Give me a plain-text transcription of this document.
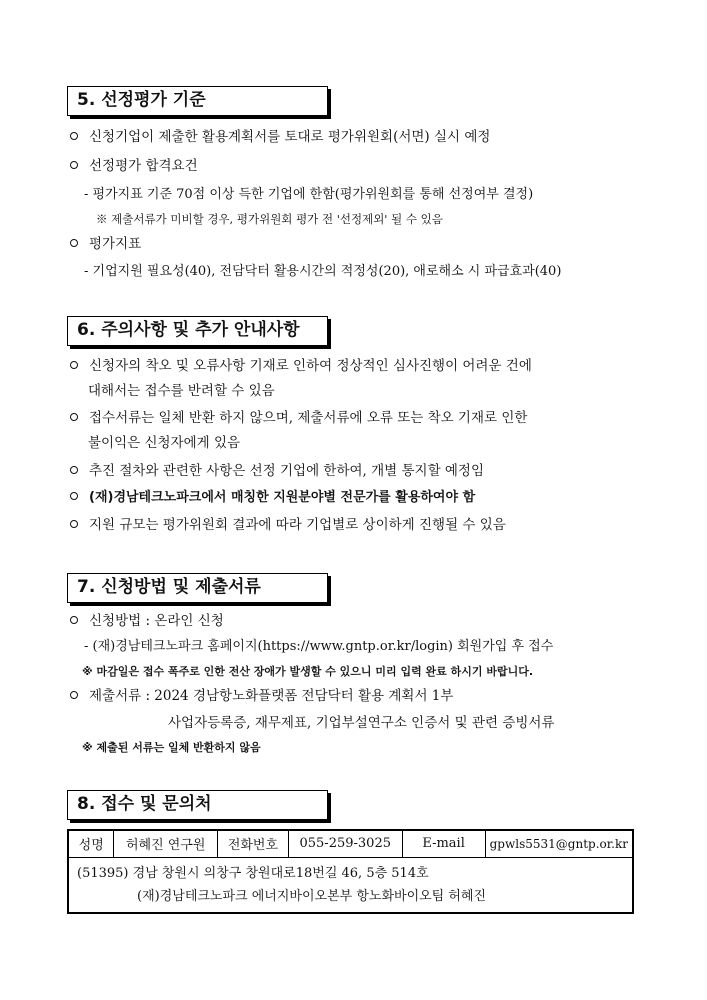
5. 선정평가 기준
신청기업이 제출한 활용계획서를 토대로 평가위원회(서면) 실시 예정
선정평가 합격요건
- 평가지표 기준 70점 이상 득한 기업에 한함(평가위원회를 통해 선정여부 결정)
※ 제출서류가 미비할 경우, 평가위원회 평가 전 '선정제외' 될 수 있음
평가지표
- 기업지원 필요성(40), 전담닥터 활용시간의 적정성(20), 애로해소 시 파급효과(40)
6. 주의사항 및 추가 안내사항
신청자의 착오 및 오류사항 기재로 인하여 정상적인 심사진행이 어려운 건에
대해서는 접수를 반려할 수 있음
접수서류는 일체 반환 하지 않으며, 제출서류에 오류 또는 착오 기재로 인한
불이익은 신청자에게 있음
추진 절차와 관련한 사항은 선정 기업에 한하여, 개별 통지할 예정임
(재)경남테크노파크에서 매칭한 지원분야별 전문가를 활용하여야 함
지원 규모는 평가위원회 결과에 따라 기업별로 상이하게 진행될 수 있음
7. 신청방법 및 제출서류
신청방법 : 온라인 신청
- (재)경남테크노파크 홈페이지(https://www.gntp.or.kr/login) 회원가입 후 접수
※ 마감일은 접수 폭주로 인한 전산 장애가 발생할 수 있으니 미리 입력 완료 하시기 바랍니다.
제출서류 : 2024 경남항노화플랫폼 전담닥터 활용 계획서 1부
사업자등록증, 재무제표, 기업부설연구소 인증서 및 관련 증빙서류
※ 제출된 서류는 일체 반환하지 않음
8. 접수 및 문의처
성명	허혜진 연구원	전화번호	055-259-3025	E-mail	gpwls5531@gntp.or.kr

(51395) 경남 창원시 의창구 창원대로18번길 46, 5층 514호
(재)경남테크노파크 에너지바이오본부 항노화바이오팀 허혜진
